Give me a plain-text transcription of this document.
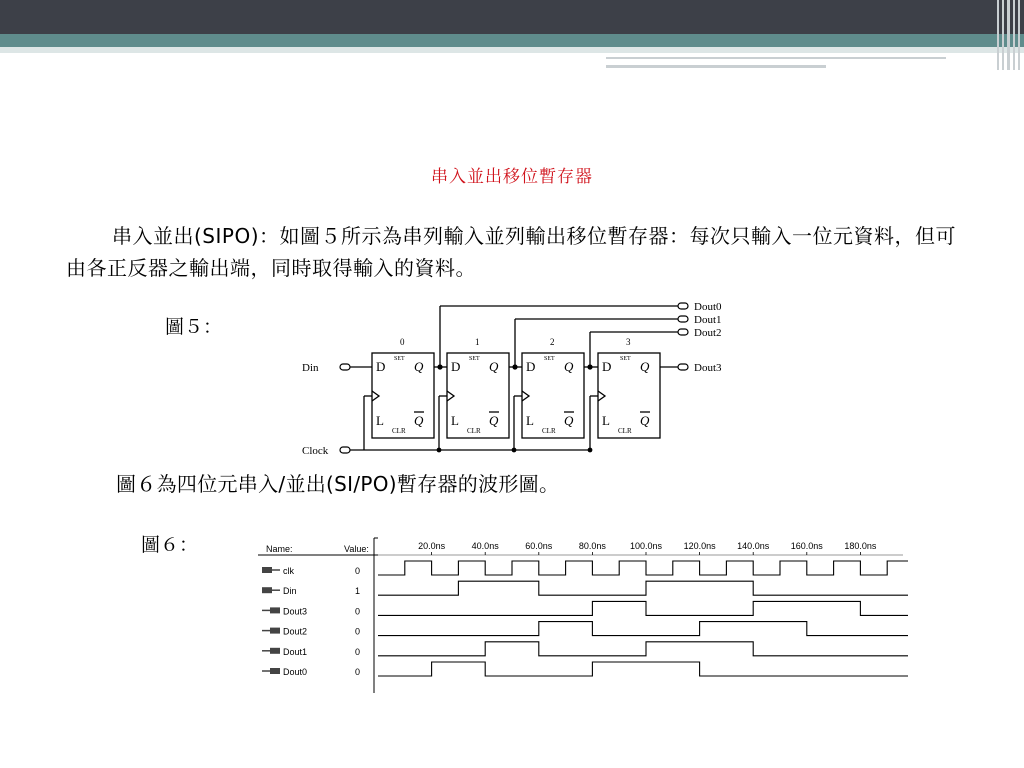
串入並出移位暫存器
串入並出(SIPO)：如圖５所示為串列輸入並列輸出移位暫存器：每次只輸入一位元資料，但可由各正反器之輸出端，同時取得輸入的資料。
圖５：
Din
Clock
0
D SET Q
L
CLR
Q
Dout0
1
D SET Q
L
CLR
Q
Dout1
2
D SET Q
L
CLR
Q
Dout2
3
D SET Q
L
CLR
Q
Dout3
圖６為四位元串入/並出(SI/PO)暫存器的波形圖。
圖６：	Name:	Value:	20.0ns	40.0ns	60.0ns	80.0ns	100.0ns 120.0ns 140.0ns 160.0ns 180.0ns
clk	0
Din	1
Dout3	0
Dout2	0
Dout1	0
Dout0	0
